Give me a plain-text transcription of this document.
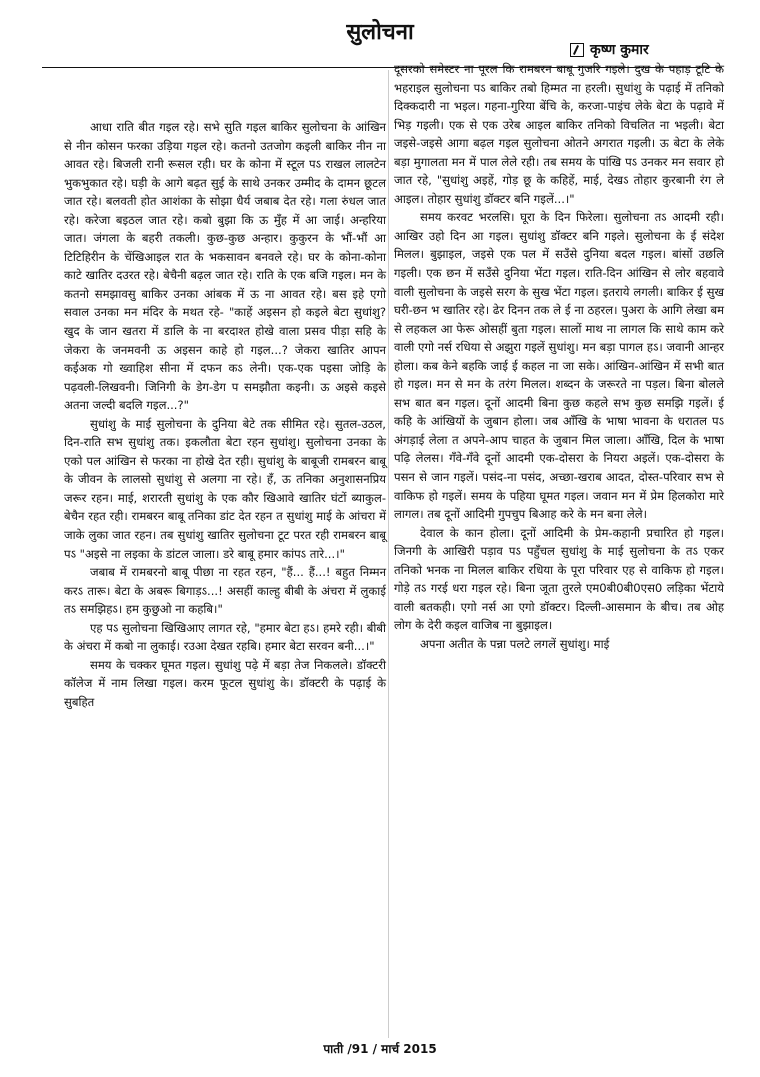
सुलोचना
कृष्ण कुमार

आधा राति बीत गइल रहे। सभे सुति गइल बाकिर सुलोचना के आंखिन से नीन कोसन फरका उड़िया गइल रहे। कतनो उतजोग कइली बाकिर नीन ना आवत रहे। बिजली रानी रूसल रही। घर के कोना में स्टूल पऽ राखल लालटेन भुकभुकात रहे। घड़ी के आगे बढ़त सुई के साथे उनकर उम्मीद के दामन छूटल जात रहे। बलवती होत आशंका के सोझा धैर्य जबाब देत रहे। गला रुंधल जात रहे। करेजा बइठल जात रहे। कबो बुझा कि ऊ मुँह में आ जाई। अन्हरिया जात। जंगला के बहरी तकली। कुछ-कुछ अन्हार। कुकुरन के भौं-भौं आ टिटिहिरीन के चेंखिआइल रात के भकसावन बनवले रहे। घर के कोना-कोना काटे खातिर दउरत रहे। बेचैनी बढ़ल जात रहे। राति के एक बजि गइल। मन के कतनो समझावसु बाकिर उनका आंबक में ऊ ना आवत रहे। बस इहे एगो सवाल उनका मन मंदिर के मथत रहे- "काहें अइसन हो कइले बेटा सुधांशु? खुद के जान खतरा में डालि के ना बरदाश्त होखे वाला प्रसव पीड़ा सहि के जेकरा के जनमवनी ऊ अइसन काहे हो गइल...? जेकरा खातिर आपन कईअक गो ख्वाहिश सीना में दफन कऽ लेनी। एक-एक पइसा जोड़ि के पढ़वली-लिखवनी। जिनिगी के डेग-डेग प समझौता कइनी। ऊ अइसे कइसे अतना जल्दी बदलि गइल...?"

सुधांशु के माई सुलोचना के दुनिया बेटे तक सीमित रहे। सुतल-उठल, दिन-राति सभ सुधांशु तक। इकलौता बेटा रहन सुधांशु। सुलोचना उनका के एको पल आंखिन से फरका ना होखे देत रही। सुधांशु के बाबूजी रामबरन बाबू के जीवन के लालसो सुधांशु से अलगा ना रहे। हँ, ऊ तनिका अनुशासनप्रिय जरूर रहन। माई, शरारती सुधांशु के एक कौर खिआवे खातिर घंटों ब्याकुल-बेचैन रहत रही। रामबरन बाबू तनिका डांट देत रहन त सुधांशु माई के आंचरा में जाके लुका जात रहन। तब सुधांशु खातिर सुलोचना टूट परत रही रामबरन बाबू पऽ "अइसे ना लइका के डांटल जाला। डरे बाबू हमार कांपऽ तारे...।"

जबाब में रामबरनो बाबू पीछा ना रहत रहन, "हैं... हैं...! बहुत निम्मन करऽ तारू। बेटा के अबरू बिगाड़ऽ...! असहीं काल्हु बीबी के अंचरा में लुकाई तऽ समझिहऽ। हम कुछुओ ना कहबि।"

एह पऽ सुलोचना खिखिआए लागत रहे, "हमार बेटा हऽ। हमरे रही। बीबी के अंचरा में कबो ना लुकाई। रउआ देखत रहबि। हमार बेटा सरवन बनी...।"

समय के चक्कर घूमत गइल। सुधांशु पढ़े में बड़ा तेज निकलले। डॉक्टरी कॉलेज में नाम लिखा गइल। करम फूटल सुधांशु के। डॉक्टरी के पढ़ाई के सुबहित

दूसरको समेस्टर ना पूरल कि रामबरन बाबू गुजरि गइले। दुख के पहाड़ टूटि के भहराइल सुलोचना पऽ बाकिर तबो हिम्मत ना हरली। सुधांशु के पढ़ाई में तनिको दिक्कदारी ना भइल। गहना-गुरिया बेंचि के, करजा-पाइंच लेके बेटा के पढ़ावे में भिड़ गइली। एक से एक उरेब आइल बाकिर तनिको विचलित ना भइली। बेटा जइसे-जइसे आगा बढ़ल गइल सुलोचना ओतने अगरात गइली। ऊ बेटा के लेके बड़ा मुगालता मन में पाल लेले रही। तब समय के पांखि पऽ उनकर मन सवार हो जात रहे, "सुधांशु अइहें, गोड़ छू के कहिहें, माई, देखऽ तोहार कुरबानी रंग ले आइल। तोहार सुधांशु डॉक्टर बनि गइलें...।"

समय करवट भरलसि। घूरा के दिन फिरेला। सुलोचना तऽ आदमी रही। आखिर उहो दिन आ गइल। सुधांशु डॉक्टर बनि गइले। सुलोचना के ई संदेश मिलल। बुझाइल, जइसे एक पल में सउँसे दुनिया बदल गइल। बांसों उछलि गइली। एक छन में सउँसे दुनिया भेंटा गइल। राति-दिन आंखिन से लोर बहवावे वाली सुलोचना के जइसे सरग के सुख भेंटा गइल। इतराये लगली। बाकिर ई सुख घरी-छन भ खातिर रहे। ढेर दिनन तक ले ई ना ठहरल। पुअरा के आगि लेखा बम से लहकल आ फेरू ओसहीं बुता गइल। सालों माथ ना लागल कि साथे काम करे वाली एगो नर्स रधिया से अझुरा गइलें सुधांशु। मन बड़ा पागल हऽ। जवानी आन्हर होला। कब केने बहकि जाई ई कहल ना जा सके। आंखिन-आंखिन में सभी बात हो गइल। मन से मन के तरंग मिलल। शब्दन के जरूरते ना पड़ल। बिना बोलले सभ बात बन गइल। दूनों आदमी बिना कुछ कहले सभ कुछ समझि गइलें। ई कहि के आंखियों के जुबान होला। जब आँखि के भाषा भावना के धरातल पऽ अंगड़ाई लेला त अपने-आप चाहत के जुबान मिल जाला। आँखि, दिल के भाषा पढ़ि लेलस। गँवे-गँवे दूनों आदमी एक-दोसरा के नियरा अइलें। एक-दोसरा के पसन से जान गइलें। पसंद-ना पसंद, अच्छा-खराब आदत, दोस्त-परिवार सभ से वाकिफ हो गइलें। समय के पहिया घूमत गइल। जवान मन में प्रेम हिलकोरा मारे लागल। तब दूनों आदिमी गुपचुप बिआह करे के मन बना लेले।

देवाल के कान होला। दूनों आदिमी के प्रेम-कहानी प्रचारित हो गइल। जिनगी के आखिरी पड़ाव पऽ पहुँचल सुधांशु के माई सुलोचना के तऽ एकर तनिको भनक ना मिलल बाकिर रधिया के पूरा परिवार एह से वाकिफ हो गइल। गोड़े तऽ गरई धरा गइल रहे। बिना जूता तुरले एम0बी0बी0एस0 लड़िका भेंटाये वाली बतकही। एगो नर्स आ एगो डॉक्टर। दिल्ली-आसमान के बीच। तब ओह लोग के देरी कइल वाजिब ना बुझाइल।

अपना अतीत के पन्ना पलटे लगलें सुधांशु। माई

पाती /91 / मार्च 2015
